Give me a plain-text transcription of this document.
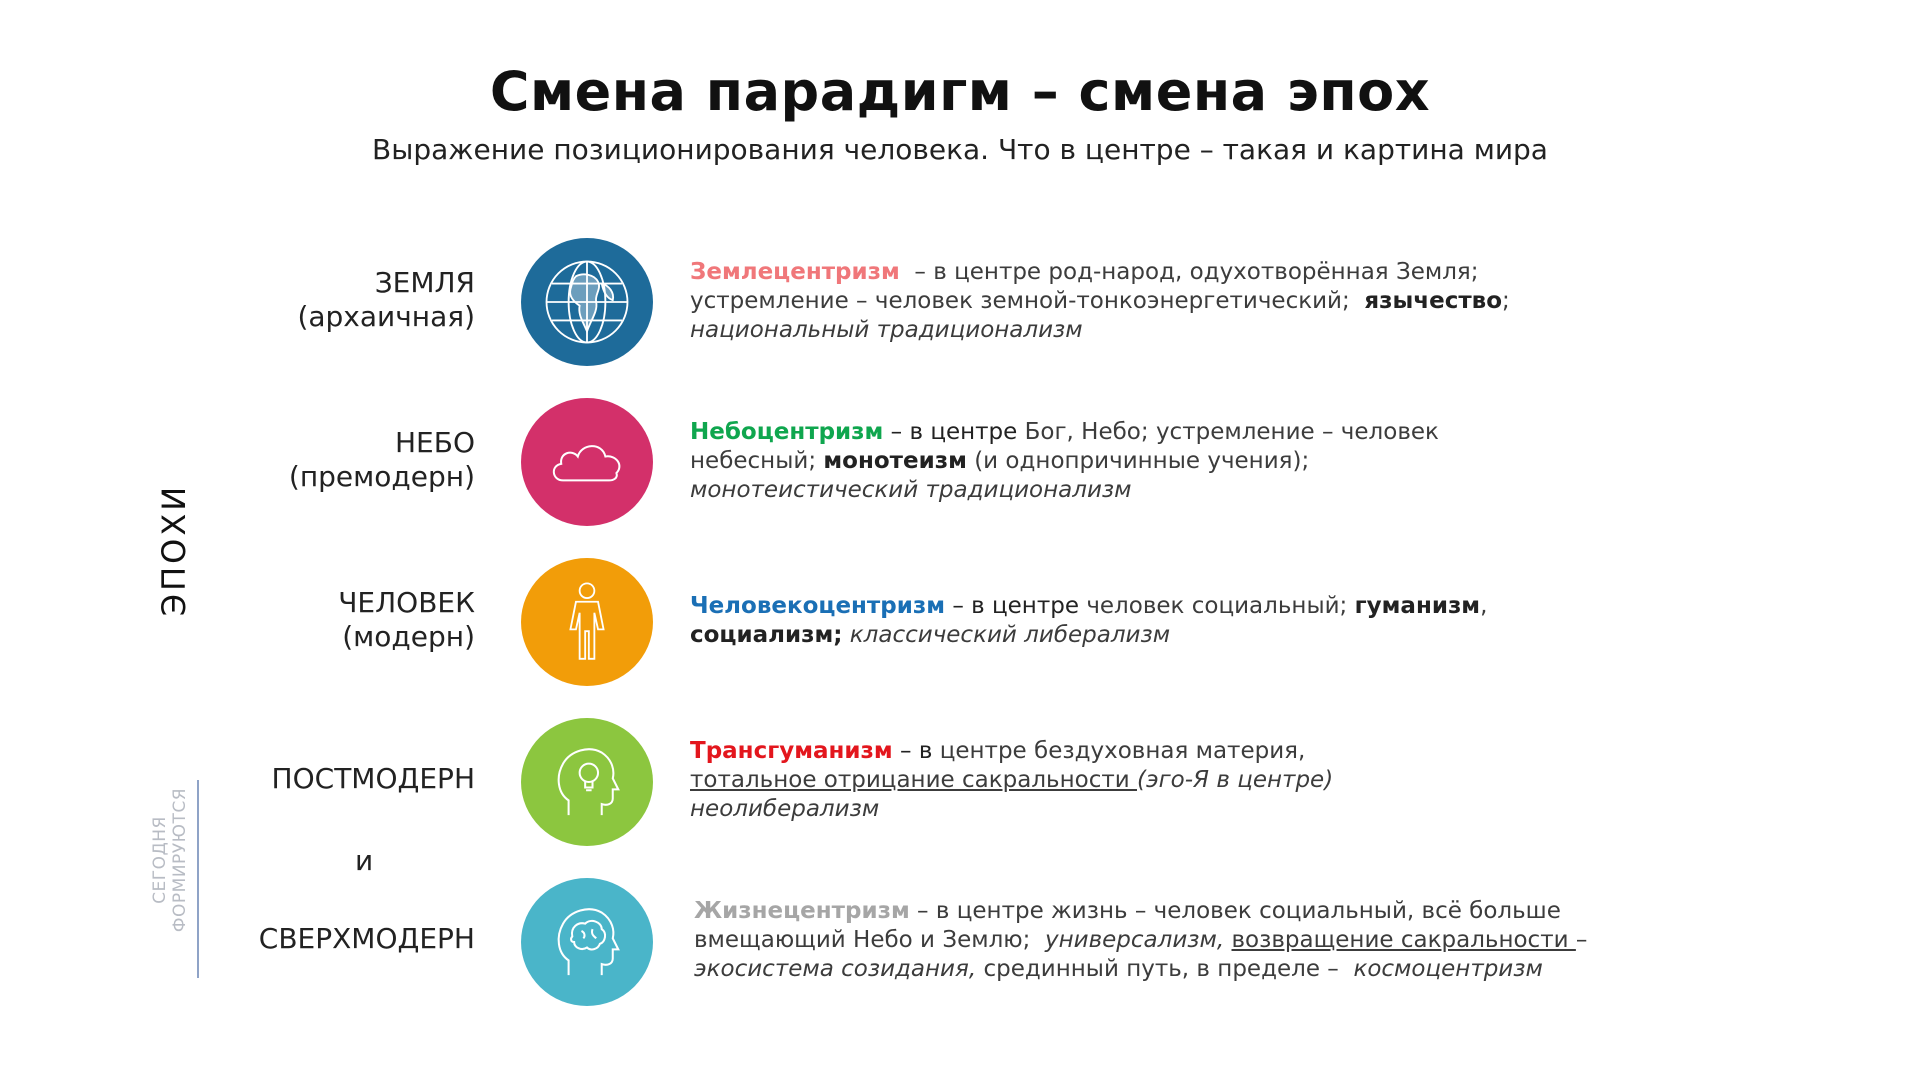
Смена парадигм – смена эпох
Выражение позиционирования человека. Что в центре – такая и картина мира
ЭПОХИ
СЕГОДНЯ ФОРМИРУЮТСЯ
ЗЕМЛЯ
(архаичная)
НЕБО
(премодерн)
ЧЕЛОВЕК
(модерн)
ПОСТМОДЕРН
и
СВЕРХМОДЕРН
Землецентризм  – в центре род-народ, одухотворённая Земля;
устремление – человек земной-тонкоэнергетический;  язычество;
национальный традиционализм
Небоцентризм – в центре Бог, Небо; устремление – человек
небесный; монотеизм (и однопричинные учения);
монотеистический традиционализм
Человекоцентризм – в центре человек социальный; гуманизм,
социализм; классический либерализм
Трансгуманизм – в центре бездуховная материя,
тотальное отрицание сакральности (эго-Я в центре)
неолиберализм
Жизнецентризм – в центре жизнь – человек социальный, всё больше
вмещающий Небо и Землю;  универсализм, возвращение сакральности –
экосистема созидания, срединный путь, в пределе –  космоцентризм
